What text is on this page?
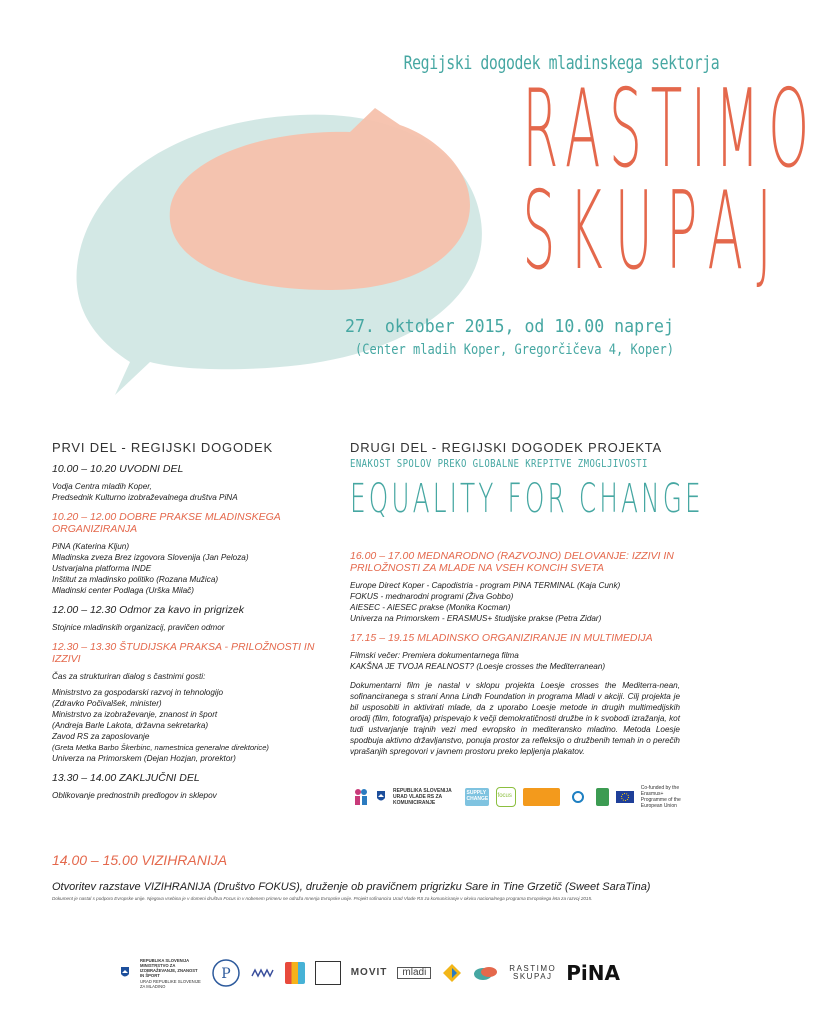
Regijski dogodek mladinskega sektorja
RASTIMO
SKUPAJ
27. oktober 2015, od 10.00 naprej
(Center mladih Koper, Gregorčičeva 4, Koper)
PRVI DEL - REGIJSKI DOGODEK
10.00 – 10.20 UVODNI DEL
Vodja Centra mladih Koper,
Predsednik Kulturno izobraževalnega društva PiNA
10.20 – 12.00 DOBRE PRAKSE MLADINSKEGA ORGANIZIRANJA
PiNA (Katerina Kljun)
Mladinska zveza Brez izgovora Slovenija (Jan Peloza)
Ustvarjalna platforma INDE
Inštitut za mladinsko politiko (Rozana Mužica)
Mladinski center Podlaga (Urška Milač)
12.00 – 12.30 Odmor za kavo in prigrizek
Stojnice mladinskih organizacij, pravičen odmor
12.30 – 13.30 ŠTUDIJSKA PRAKSA - PRILOŽNOSTI IN IZZIVI
Čas za strukturiran dialog s častnimi gosti:
Ministrstvo za gospodarski razvoj in tehnologijo
(Zdravko Počivalšek, minister)
Ministrstvo za izobraževanje, znanost in šport
(Andreja Barle Lakota, državna sekretarka)
Zavod RS za zaposlovanje
(Greta Metka Barbo Škerbinc, namestnica generalne direktorice)
Univerza na Primorskem (Dejan Hozjan, prorektor)
13.30 – 14.00 ZAKLJUČNI DEL
Oblikovanje prednostnih predlogov in sklepov
DRUGI DEL - REGIJSKI DOGODEK PROJEKTA
ENAKOST SPOLOV PREKO GLOBALNE KREPITVE ZMOGLJIVOSTI
EQUALITY FOR CHANGE
16.00 – 17.00 MEDNARODNO (RAZVOJNO) DELOVANJE: IZZIVI IN PRILOŽNOSTI ZA MLADE NA VSEH KONCIH SVETA
Europe Direct Koper - Capodistria - program PiNA TERMINAL (Kaja Cunk)
FOKUS - mednarodni programi (Živa Gobbo)
AIESEC - AIESEC prakse (Monika Kocman)
Univerza na Primorskem - ERASMUS+ študijske prakse (Petra Zidar)
17.15 – 19.15 MLADINSKO ORGANIZIRANJE IN MULTIMEDIJA
Filmski večer: Premiera dokumentarnega filma
KAKŠNA JE TVOJA REALNOST? (Loesje crosses the Mediterranean)
Dokumentarni film je nastal v sklopu projekta Loesje crosses the Mediterra-nean, sofinanciranega s strani Anna Lindh Foundation in programa Mladi v akciji. Cilj projekta je bil usposobiti in aktivirati mlade, da z uporabo Loesje metode in drugih multimedijskih orodij (film, fotografija) prispevajo k večji demokratičnosti družbe in k svobodi izražanja, kot tudi ustvarjanje trajnih vezi med evropsko in mediteransko mladino. Metoda Loesje spodbuja aktivno državljanstvo, ponuja prostor za refleksijo o družbenih temah in o perečih vprašanjih spregovori v javnem prostoru preko lepljenja plakatov.
REPUBLIKA SLOVENIJA URAD VLADE RS ZA KOMUNICIRANJE
SUPPLY CHANGE focus
Co-funded by the Erasmus+ Programme of the European Union
14.00 – 15.00 VIZIHRANIJA
Otvoritev razstave VIZIHRANIJA (Društvo FOKUS), druženje ob pravičnem prigrizku Sare in Tine Grzetič (Sweet SaraTina)
Dokument je nastal s podporo Evropske unije. Njegova vsebina je v domeni društva Focus in v nobenem primeru ne odraža mnenja Evropske unije. Projekt sofinancira Urad Vlade RS za komuniciranje v okviru nacionalnega programa Evropskega leta za razvoj 2015.
REPUBLIKA SLOVENIJA MINISTRSTVO ZA IZOBRAŽEVANJE, ZNANOST IN ŠPORT
URAD REPUBLIKE SLOVENIJE ZA MLADINO
P	MOVIT mladi	RASTIMO
SKUPAJ PiNA
